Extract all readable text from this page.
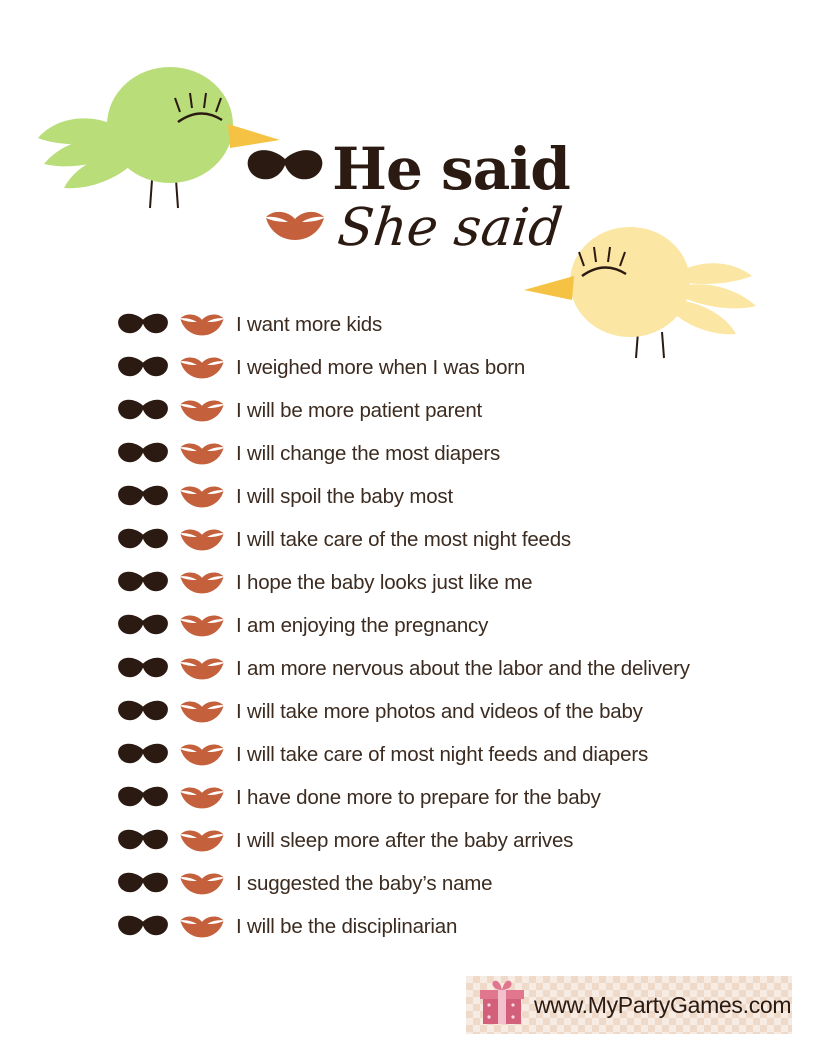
He said
She said
I want more kids
I weighed more when I was born
I will be more patient parent
I will change the most diapers
I will spoil the baby most
I will take care of the most night feeds
I hope the baby looks just like me
I am enjoying the pregnancy
I am more nervous about the labor and the delivery
I will take more photos and videos of the baby
I will take care of most night feeds and diapers
I have done more to prepare for the baby
I will sleep more after the baby arrives
I suggested the baby’s name
I will be the disciplinarian
www.MyPartyGames.com
